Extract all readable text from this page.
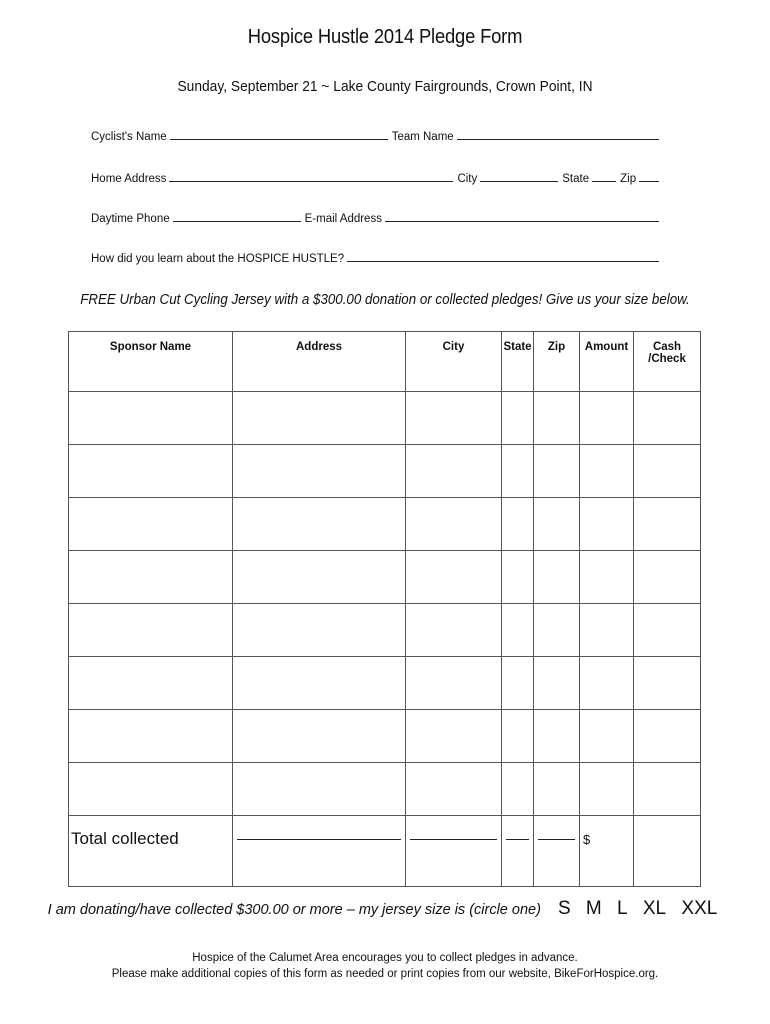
Hospice Hustle 2014 Pledge Form
Sunday, September 21 ~ Lake County Fairgrounds, Crown Point, IN
Cyclist's Name	Team Name
Home Address	City	State	Zip
Daytime Phone	E-mail Address
How did you learn about the HOSPICE HUSTLE?
FREE Urban Cut Cycling Jersey with a $300.00 donation or collected pledges! Give us your size below.
Sponsor Name	Address	City	State	Zip	Amount	Cash /Check

Total collected					$	
I am donating/have collected $300.00 or more – my jersey size is (circle one) S M L XL XXL
Hospice of the Calumet Area encourages you to collect pledges in advance.
Please make additional copies of this form as needed or print copies from our website, BikeForHospice.org.
